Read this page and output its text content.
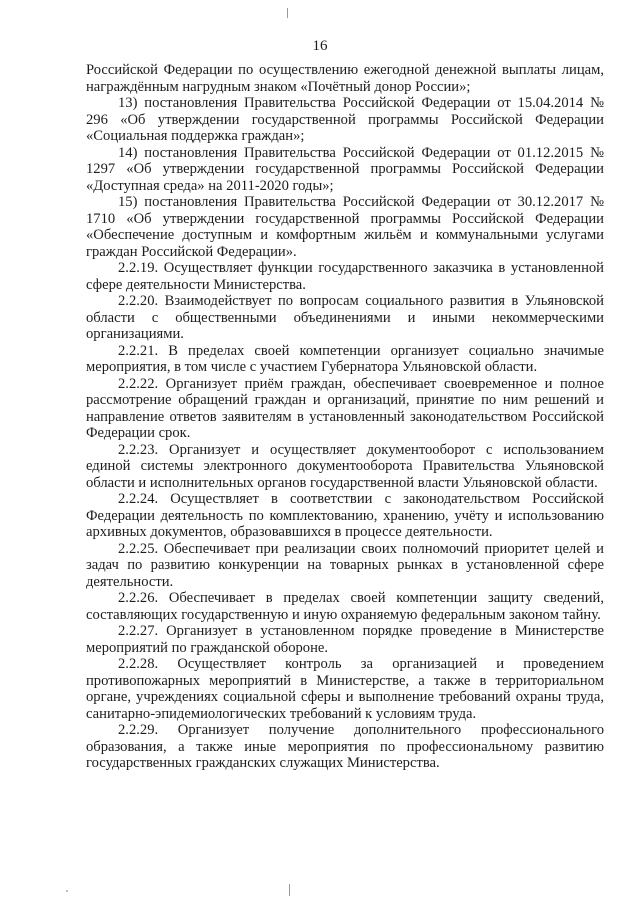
16

Российской Федерации по осуществлению ежегодной денежной выплаты лицам, награждённым нагрудным знаком «Почётный донор России»;

13) постановления Правительства Российской Федерации от 15.04.2014 № 296 «Об утверждении государственной программы Российской Федерации «Социальная поддержка граждан»;

14) постановления Правительства Российской Федерации от 01.12.2015 № 1297 «Об утверждении государственной программы Российской Федерации «Доступная среда» на 2011-2020 годы»;

15) постановления Правительства Российской Федерации от 30.12.2017 № 1710 «Об утверждении государственной программы Российской Федерации «Обеспечение доступным и комфортным жильём и коммунальными услугами граждан Российской Федерации».

2.2.19. Осуществляет функции государственного заказчика в установленной сфере деятельности Министерства.

2.2.20. Взаимодействует по вопросам социального развития в Ульяновской области с общественными объединениями и иными некоммерческими организациями.

2.2.21. В пределах своей компетенции организует социально значимые мероприятия, в том числе с участием Губернатора Ульяновской области.

2.2.22. Организует приём граждан, обеспечивает своевременное и полное рассмотрение обращений граждан и организаций, принятие по ним решений и направление ответов заявителям в установленный законодательством Российской Федерации срок.

2.2.23. Организует и осуществляет документооборот с использованием единой системы электронного документооборота Правительства Ульяновской области и исполнительных органов государственной власти Ульяновской области.

2.2.24. Осуществляет в соответствии с законодательством Российской Федерации деятельность по комплектованию, хранению, учёту и использованию архивных документов, образовавшихся в процессе деятельности.

2.2.25. Обеспечивает при реализации своих полномочий приоритет целей и задач по развитию конкуренции на товарных рынках в установленной сфере деятельности.

2.2.26. Обеспечивает в пределах своей компетенции защиту сведений, составляющих государственную и иную охраняемую федеральным законом тайну.

2.2.27. Организует в установленном порядке проведение в Министерстве мероприятий по гражданской обороне.

2.2.28. Осуществляет контроль за организацией и проведением противопожарных мероприятий в Министерстве, а также в территориальном органе, учреждениях социальной сферы и выполнение требований охраны труда, санитарно-эпидемиологических требований к условиям труда.

2.2.29. Организует получение дополнительного профессионального образования, а также иные мероприятия по профессиональному развитию государственных гражданских служащих Министерства.
